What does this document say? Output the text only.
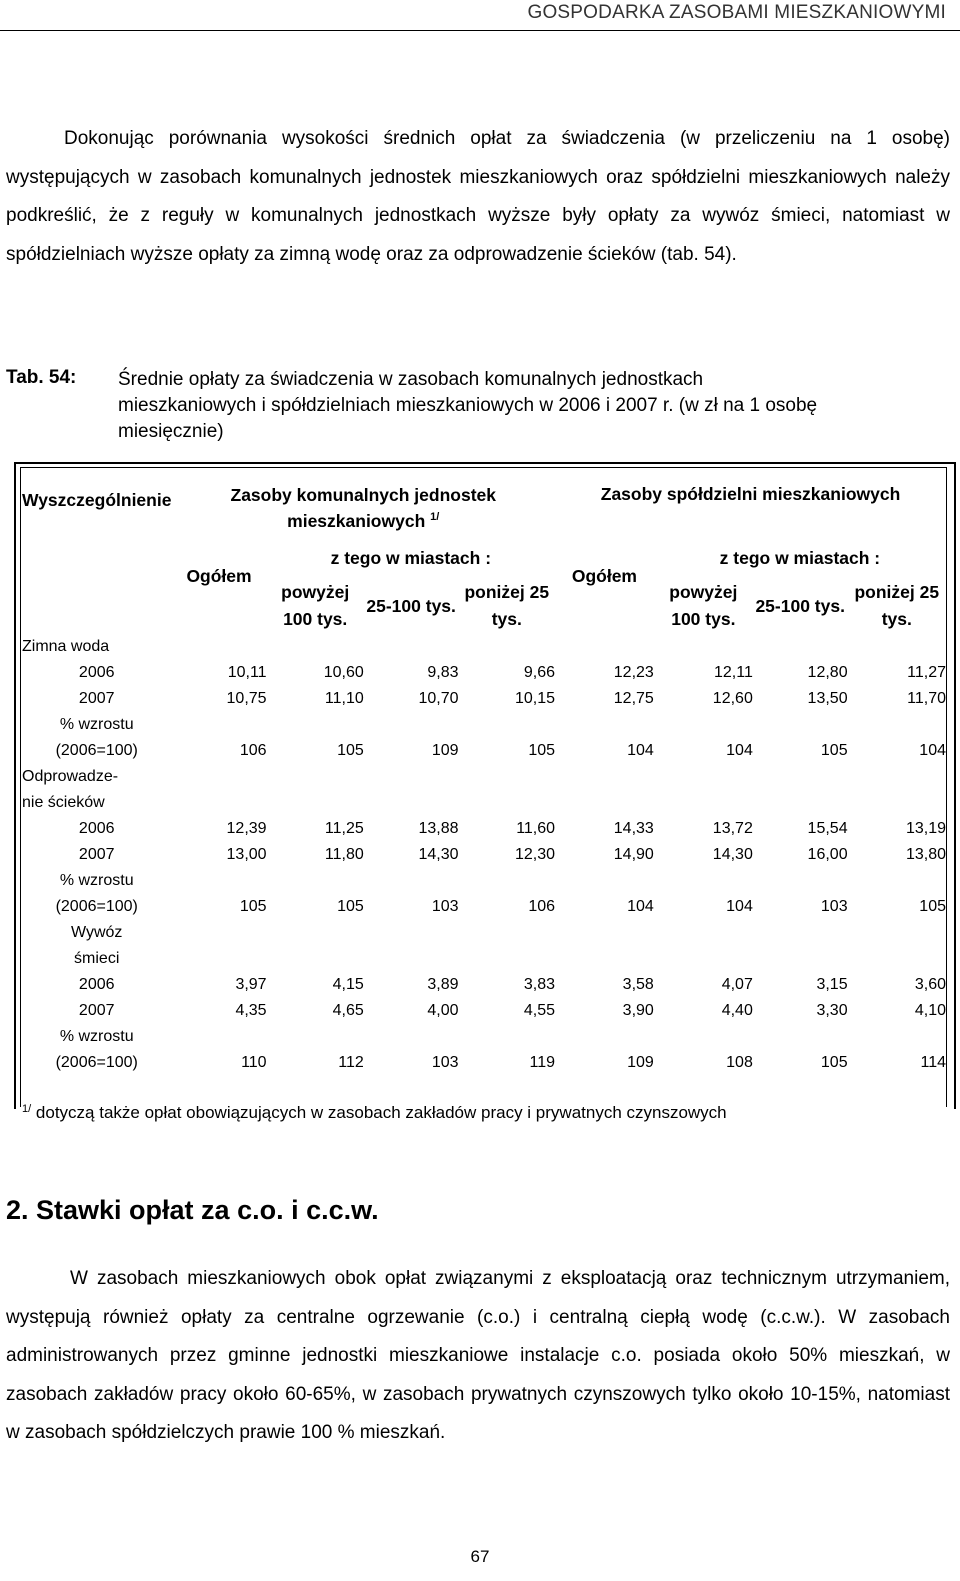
GOSPODARKA ZASOBAMI MIESZKANIOWYMI
Dokonując porównania wysokości średnich opłat za świadczenia (w przeliczeniu na 1 osobę) występujących w zasobach komunalnych jednostek mieszkaniowych oraz spółdzielni mieszkaniowych należy podkreślić, że z reguły w komunalnych jednostkach wyższe były opłaty za wywóz śmieci, natomiast w spółdzielniach wyższe opłaty za zimną wodę oraz za odprowadzenie ścieków (tab. 54).
Tab. 54: Średnie opłaty za świadczenia w zasobach komunalnych jednostkach mieszkaniowych i spółdzielniach mieszkaniowych w 2006 i 2007 r. (w zł na 1 osobę miesięcznie)
Wyszczególnienie	Zasoby komunalnych jednostek mieszkaniowych $^{1/}$				Zasoby spółdzielni mieszkaniowych			
	Ogółem	z tego w miastach :			Ogółem	z tego w miastach :		
		powyżej 100 tys.	25-100 tys.	poniżej 25 tys.		powyżej 100 tys.	25-100 tys.	poniżej 25 tys.
Zimna woda								
2006	10,11	10,60	9,83	9,66	12,23	12,11	12,80	11,27
2007	10,75	11,10	10,70	10,15	12,75	12,60	13,50	11,70
% wzrostu								
(2006=100)	106	105	109	105	104	104	105	104
Odprowadze-								
nie ścieków								
2006	12,39	11,25	13,88	11,60	14,33	13,72	15,54	13,19
2007	13,00	11,80	14,30	12,30	14,90	14,30	16,00	13,80
% wzrostu								
(2006=100)	105	105	103	106	104	104	103	105
Wywóz								
śmieci								
2006	3,97	4,15	3,89	3,83	3,58	4,07	3,15	3,60
2007	4,35	4,65	4,00	4,55	3,90	4,40	3,30	4,10
% wzrostu								
(2006=100)	110	112	103	119	109	108	105	114
$^{1/}$ dotyczą także opłat obowiązujących w zasobach zakładów pracy i prywatnych czynszowych
2. Stawki opłat za c.o. i c.c.w.
W zasobach mieszkaniowych obok opłat związanymi z eksploatacją oraz technicznym utrzymaniem, występują również opłaty za centralne ogrzewanie (c.o.) i centralną ciepłą wodę (c.c.w.). W zasobach administrowanych przez gminne jednostki mieszkaniowe instalacje c.o. posiada około 50% mieszkań, w zasobach zakładów pracy około 60-65%, w zasobach prywatnych czynszowych tylko około 10-15%, natomiast w zasobach spółdzielczych prawie 100 % mieszkań.
67
